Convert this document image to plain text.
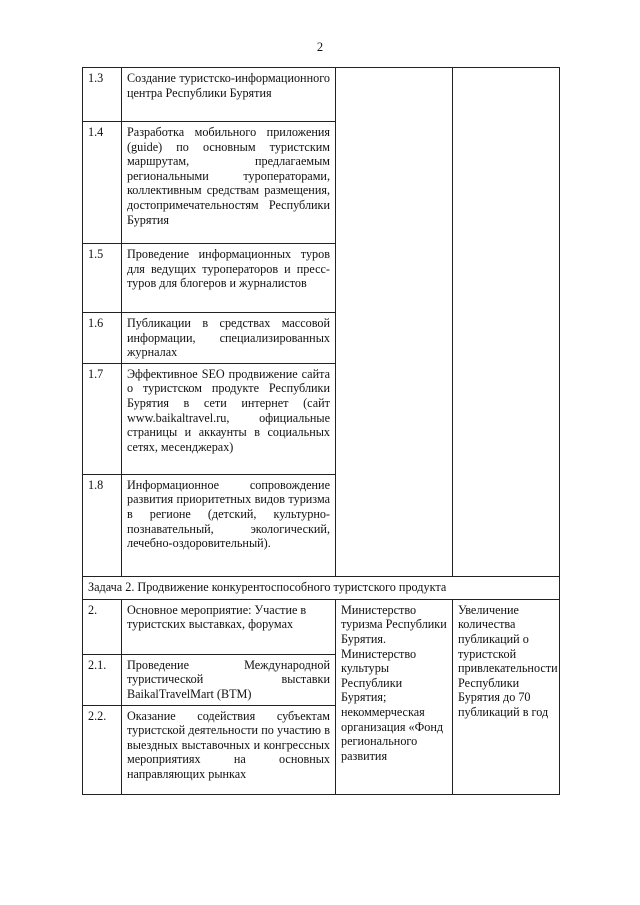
2
1.3	Создание туристско-информационного центра Республики Бурятия		
1.4	Разработка мобильного приложения (guide) по основным туристским маршрутам, предлагаемым региональными туроператорами, коллективным средствам размещения, достопримечательностям Республики Бурятия		
1.5	Проведение информационных туров для ведущих туроператоров и пресс-туров для блогеров и журналистов		
1.6	Публикации в средствах массовой информации, специализированных журналах		
1.7	Эффективное SEO продвижение сайта о туристском продукте Республики Бурятия в сети интернет (сайт www.baikaltravel.ru, официальные страницы и аккаунты в социальных сетях, месенджерах)		
1.8	Информационное сопровождение развития приоритетных видов туризма в регионе (детский, культурно-познавательный, экологический, лечебно-оздоровительный).		
Задача 2. Продвижение конкурентоспособного туристского продукта			
2.	Основное мероприятие: Участие в туристских выставках, форумах	Министерство туризма Республики Бурятия. Министерство культуры Республики Бурятия; некоммерческая организация «Фонд регионального развития	Увеличение количества публикаций о туристской привлекательности Республики Бурятия до 70 публикаций в год
2.1.	Проведение Международной туристической выставки BaikalTravelMart (BTM)		
2.2.	Оказание содействия субъектам туристской деятельности по участию в выездных выставочных и конгрессных мероприятиях на основных направляющих рынках		
